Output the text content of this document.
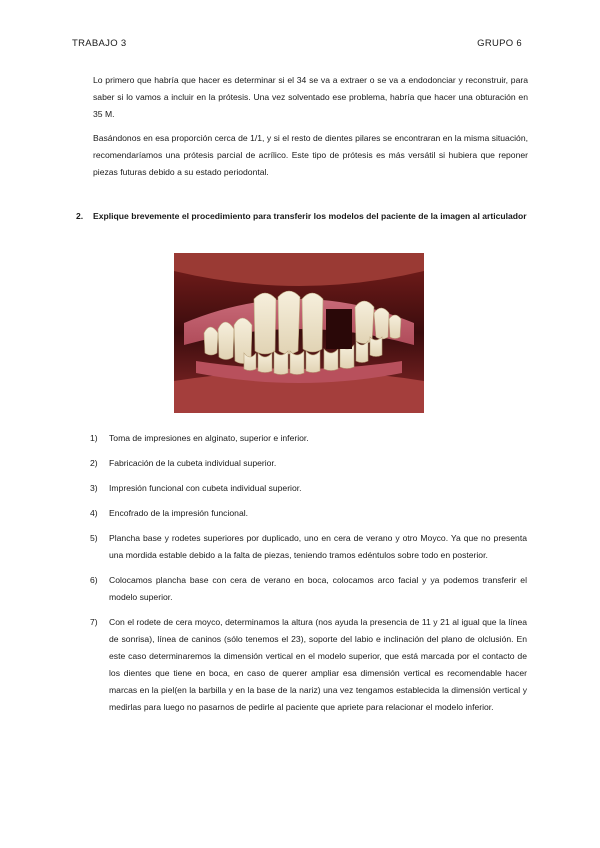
TRABAJO 3	GRUPO 6

Lo primero que habría que hacer es determinar si el 34 se va a extraer o se va a endodonciar y reconstruir, para saber si lo vamos a incluir en la prótesis. Una vez solventado ese problema, habría que hacer una obturación en 35 M.

Basándonos en esa proporción cerca de 1/1, y si el resto de dientes pilares se encontraran en la misma situación, recomendaríamos una prótesis parcial de acrílico. Este tipo de prótesis es más versátil si hubiera que reponer piezas futuras debido a su estado periodontal.

2.	Explique brevemente el procedimiento para transferir los modelos del paciente de la imagen al articulador
1)	Toma de impresiones en alginato, superior e inferior.
2)	Fabricación de la cubeta individual superior.
3)	Impresión funcional con cubeta individual superior.
4)	Encofrado de la impresión funcional.
5)	Plancha base y rodetes superiores por duplicado, uno en cera de verano y otro Moyco. Ya que no presenta una mordida estable debido a la falta de piezas, teniendo tramos edéntulos sobre todo en posterior.
6)	Colocamos plancha base con cera de verano en boca, colocamos arco facial y ya podemos transferir el modelo superior.
7)	Con el rodete de cera moyco, determinamos la altura (nos ayuda la presencia de 11 y 21 al igual que la línea de sonrisa), línea de caninos (sólo tenemos el 23), soporte del labio e inclinación del plano de olclusión. En este caso determinaremos la dimensión vertical en el modelo superior, que está marcada por el contacto de los dientes que tiene en boca, en caso de querer ampliar esa dimensión vertical es recomendable hacer marcas en la piel(en la barbilla y en la base de la nariz) una vez tengamos establecida la dimensión vertical y medirlas para luego no pasarnos de pedirle al paciente que apriete para relacionar el modelo inferior.
